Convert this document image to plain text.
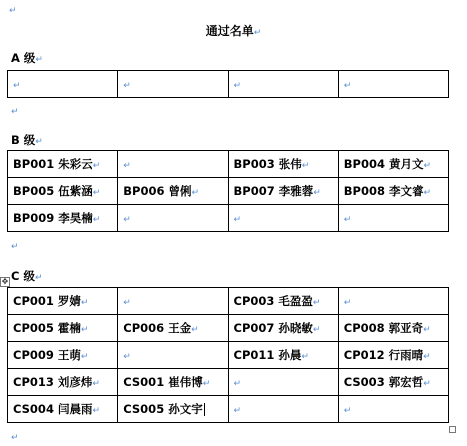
↵
通过名单↵
A 级↵
↵	↵	↵	↵
↵
B 级↵
BP001 朱彩云↵	↵	BP003 张伟↵	BP004 黄月文↵
BP005 伍紫涵↵	BP006 曾俐↵	BP007 李雅蓉↵	BP008 李文睿↵
BP009 李昊楠↵	↵	↵	↵
↵
✥ C 级↵
CP001 罗婧↵	↵	CP003 毛盈盈↵	↵
CP005 霍楠↵	CP006 王金↵	CP007 孙晓敏↵	CP008 郭亚奇↵
CP009 王萌↵	↵	CP011 孙晨↵	CP012 行雨晴↵
CP013 刘彦炜↵	CS001 崔伟博↵	↵	CS003 郭宏哲↵
CS004 闫晨雨↵	CS005 孙文宇	↵	↵
↵
